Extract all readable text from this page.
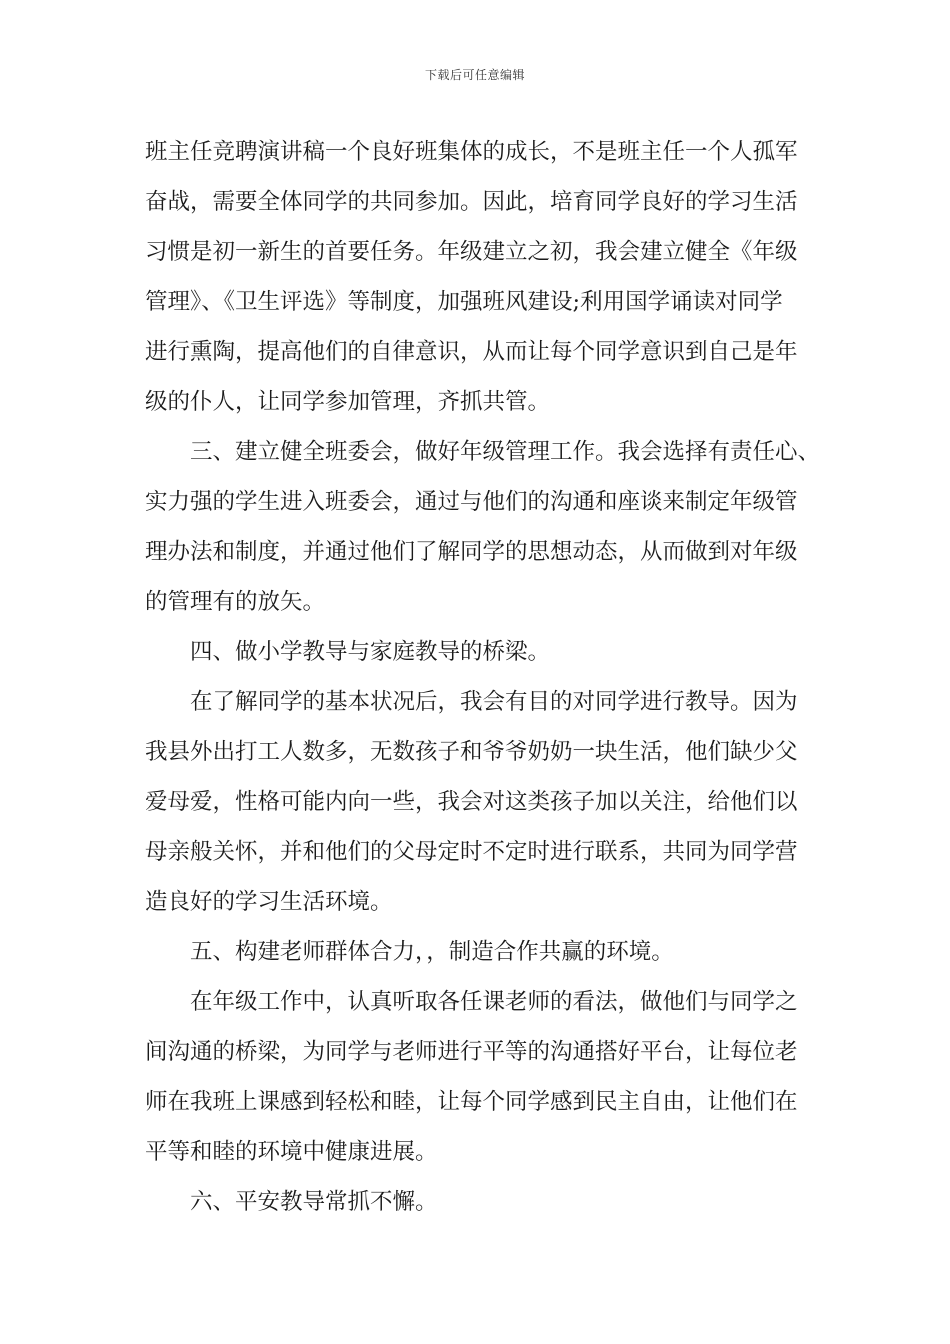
下载后可任意编辑

班主任竞聘演讲稿一个良好班集体的成长，不是班主任一个人孤军
奋战，需要全体同学的共同参加。因此，培育同学良好的学习生活
习惯是初一新生的首要任务。年级建立之初，我会建立健全《年级
管理》、《卫生评选》等制度，加强班风建设;利用国学诵读对同学
进行熏陶，提高他们的自律意识，从而让每个同学意识到自己是年
级的仆人，让同学参加管理，齐抓共管。

三、建立健全班委会，做好年级管理工作。我会选择有责任心、
实力强的学生进入班委会，通过与他们的沟通和座谈来制定年级管
理办法和制度，并通过他们了解同学的思想动态，从而做到对年级
的管理有的放矢。

四、做小学教导与家庭教导的桥梁。

在了解同学的基本状况后，我会有目的对同学进行教导。因为
我县外出打工人数多，无数孩子和爷爷奶奶一块生活，他们缺少父
爱母爱，性格可能内向一些，我会对这类孩子加以关注，给他们以
母亲般关怀，并和他们的父母定时不定时进行联系，共同为同学营
造良好的学习生活环境。

五、构建老师群体合力，，制造合作共赢的环境。

在年级工作中，认真听取各任课老师的看法，做他们与同学之
间沟通的桥梁，为同学与老师进行平等的沟通搭好平台，让每位老
师在我班上课感到轻松和睦，让每个同学感到民主自由，让他们在
平等和睦的环境中健康进展。

六、平安教导常抓不懈。
